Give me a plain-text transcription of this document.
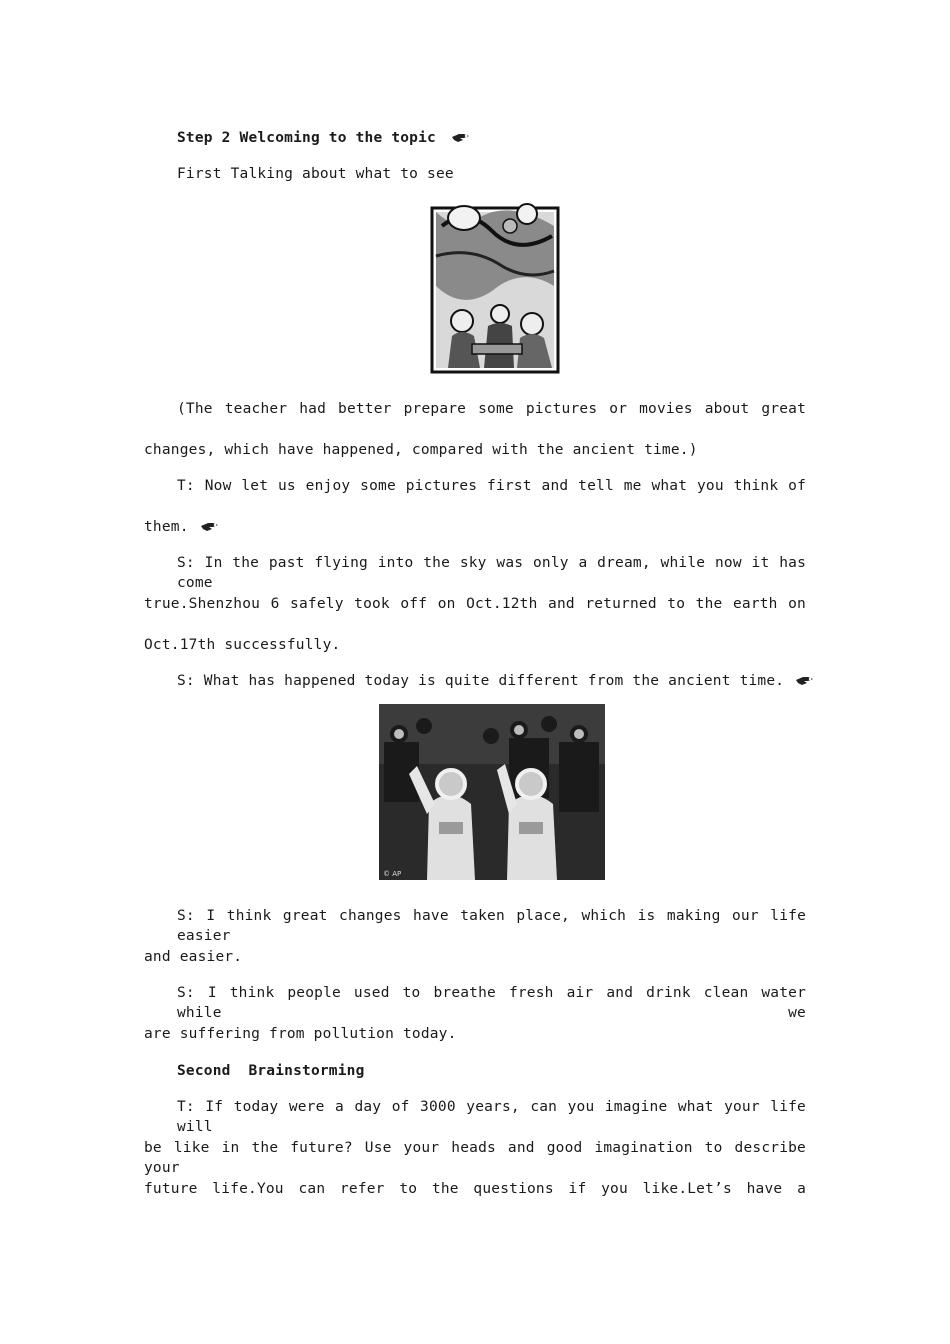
Step 2 Welcoming to the topic
First Talking about what to see
(The teacher had better prepare some pictures or movies about great
changes, which have happened, compared with the ancient time.)
T: Now let us enjoy some pictures first and tell me what you think of
them.
S: In the past flying into the sky was only a dream, while now it has come
true.Shenzhou 6 safely took off on Oct.12th and returned to the earth on
Oct.17th successfully.
S: What has happened today is quite different from the ancient time.
© AP
S: I think great changes have taken place, which is making our life easier
and easier.
S: I think people used to breathe fresh air and drink clean water while we
are suffering from pollution today.
Second  Brainstorming
T: If today were a day of 3000 years, can you imagine what your life will
be like in the future? Use your heads and good imagination to describe your
future life.You can refer to the questions if you like.Let’s have a
